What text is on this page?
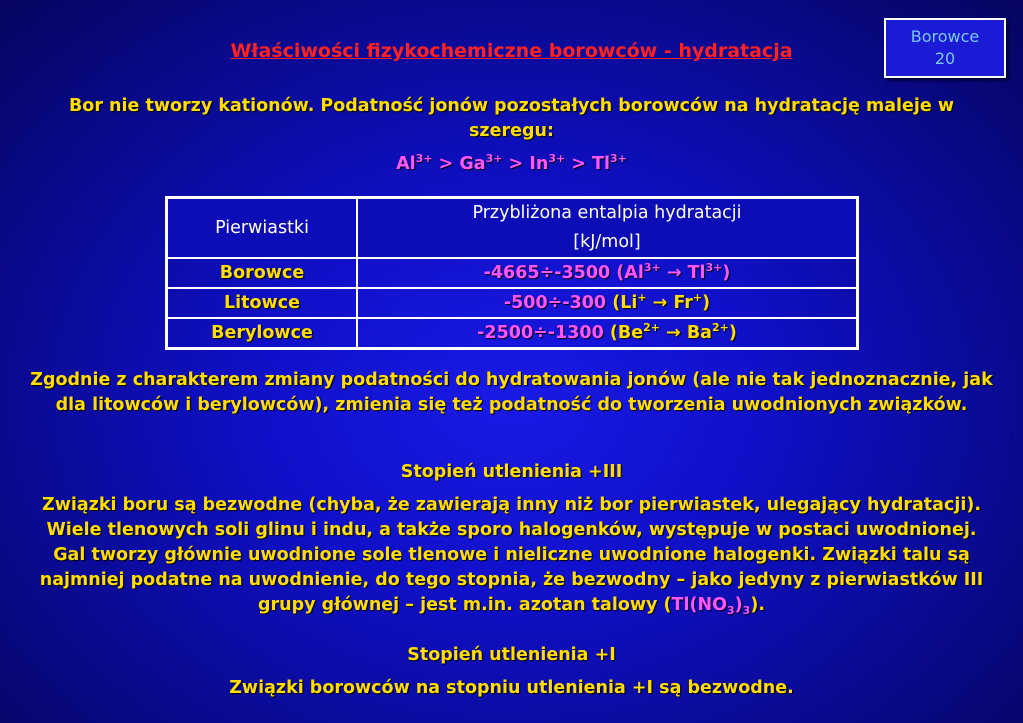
Borowce
20
Właściwości fizykochemiczne borowców - hydratacja
Bor nie tworzy kationów. Podatność jonów pozostałych borowców na hydratację maleje w szeregu:
$Al^{3+} > Ga^{3+} > In^{3+} > Tl^{3+}$
Pierwiastki	Przybliżona entalpia hydratacji
[kJ/mol]

Borowce	-4665÷-3500 $(Al^{3+} \to Tl^{3+})$
Litowce	-500÷-300 (Li+ → Fr+)
Berylowce	-2500÷-1300 $(Be^{2+} \to Ba^{2+})$
Zgodnie z charakterem zmiany podatności do hydratowania jonów (ale nie tak jednoznacznie, jak dla litowców i berylowców), zmienia się też podatność do tworzenia uwodnionych związków.
Stopień utlenienia +III
Związki boru są bezwodne (chyba, że zawierają inny niż bor pierwiastek, ulegający hydratacji). Wiele tlenowych soli glinu i indu, a także sporo halogenków, występuje w postaci uwodnionej. Gal tworzy głównie uwodnione sole tlenowe i nieliczne uwodnione halogenki. Związki talu są najmniej podatne na uwodnienie, do tego stopnia, że bezwodny – jako jedyny z pierwiastków III grupy głównej – jest m.in. azotan talowy $(Tl(NO_3)_3)$.
Stopień utlenienia +I
Związki borowców na stopniu utlenienia +I są bezwodne.
